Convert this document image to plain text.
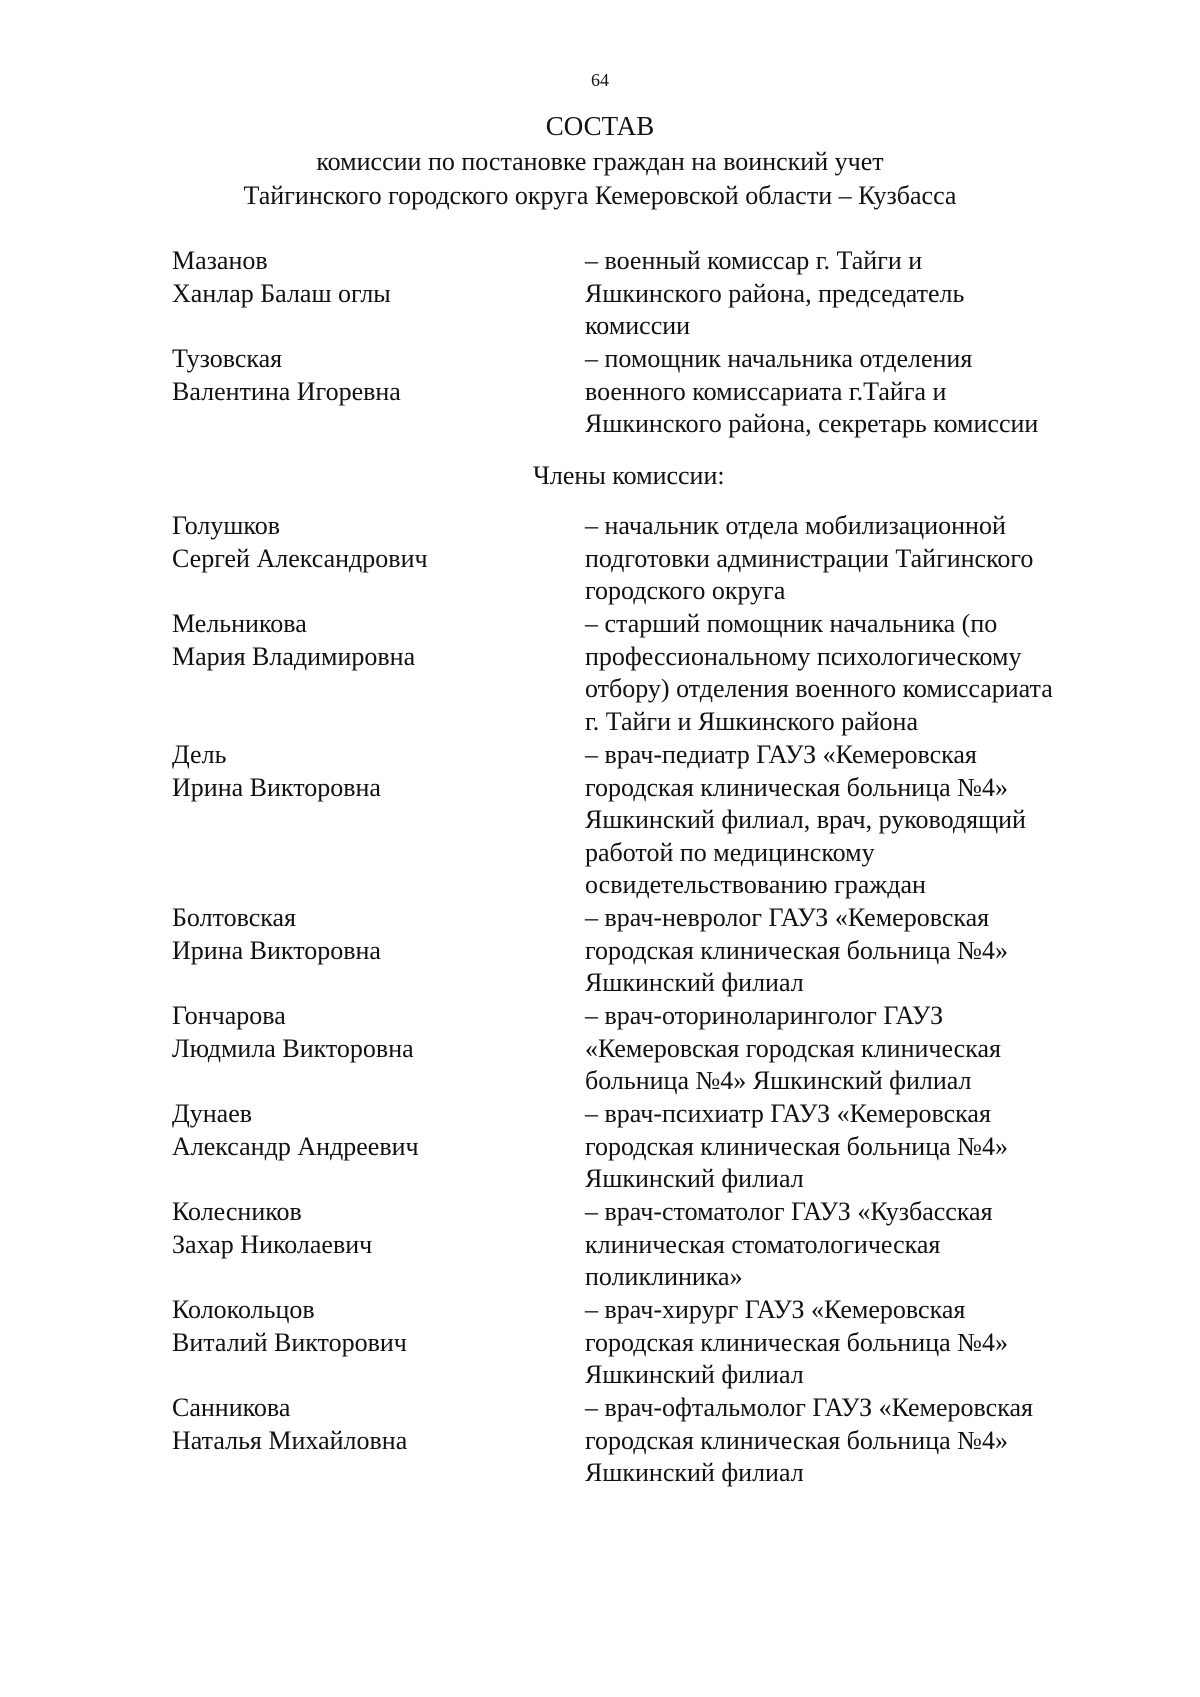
64
СОСТАВ
комиссии по постановке граждан на воинский учет
Тайгинского городского округа Кемеровской области – Кузбасса
Мазанов
Ханлар Балаш оглы
– военный комиссар г. Тайги и
Яшкинского района, председатель
комиссии
Тузовская
Валентина Игоревна
– помощник начальника отделения
военного комиссариата г.Тайга и
Яшкинского района, секретарь комиссии
Члены комиссии:
Голушков
Сергей Александрович
– начальник отдела мобилизационной
подготовки администрации Тайгинского
городского округа
Мельникова
Мария Владимировна
– старший помощник начальника (по
профессиональному психологическому
отбору) отделения военного комиссариата
г. Тайги и Яшкинского района
Дель
Ирина Викторовна
– врач-педиатр ГАУЗ «Кемеровская
городская клиническая больница №4»
Яшкинский филиал, врач, руководящий
работой по медицинскому
освидетельствованию граждан
Болтовская
Ирина Викторовна
– врач-невролог ГАУЗ «Кемеровская
городская клиническая больница №4»
Яшкинский филиал
Гончарова
Людмила Викторовна
– врач-оториноларинголог ГАУЗ
«Кемеровская городская клиническая
больница №4» Яшкинский филиал
Дунаев
Александр Андреевич
– врач-психиатр ГАУЗ «Кемеровская
городская клиническая больница №4»
Яшкинский филиал
Колесников
Захар Николаевич
– врач-стоматолог ГАУЗ «Кузбасская
клиническая стоматологическая
поликлиника»
Колокольцов
Виталий Викторович
– врач-хирург ГАУЗ «Кемеровская
городская клиническая больница №4»
Яшкинский филиал
Санникова
Наталья Михайловна
– врач-офтальмолог ГАУЗ «Кемеровская
городская клиническая больница №4»
Яшкинский филиал
